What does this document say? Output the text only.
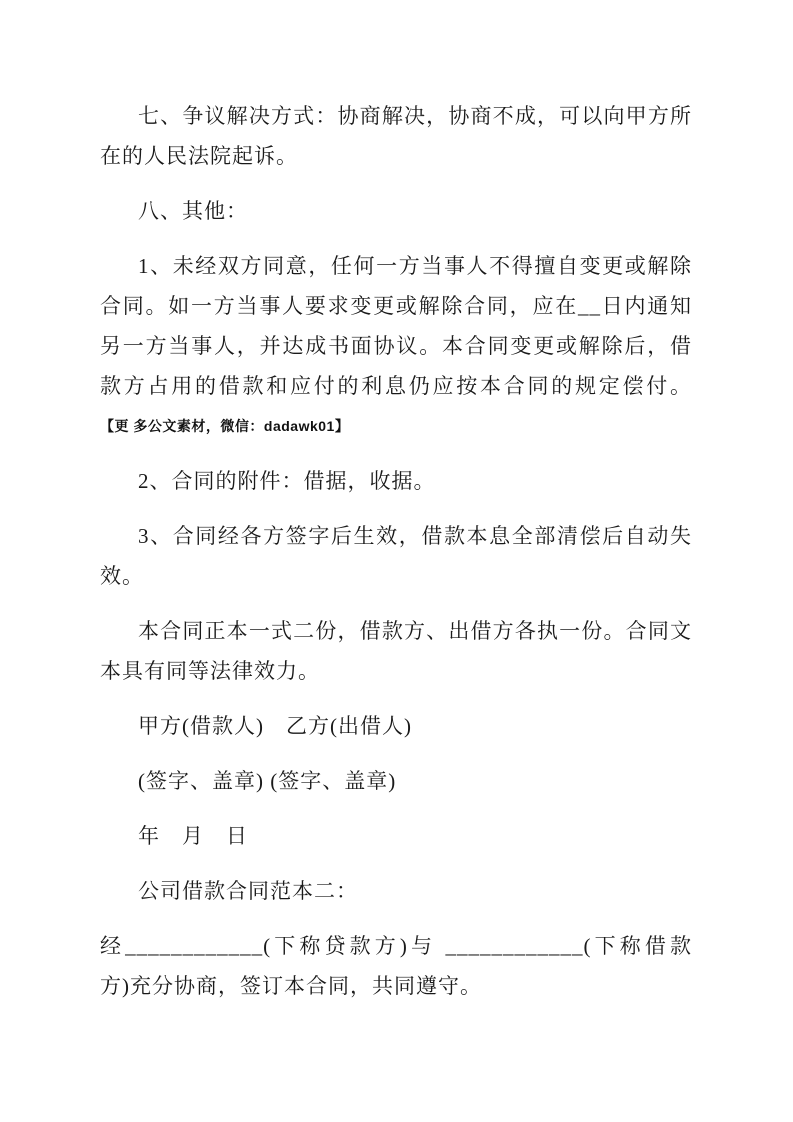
七、争议解决方式：协商解决，协商不成，可以向甲方所
在的人民法院起诉。
八、其他：
1、未经双方同意，任何一方当事人不得擅自变更或解除
合同。如一方当事人要求变更或解除合同，应在__日内通知
另一方当事人，并达成书面协议。本合同变更或解除后，借
款方占用的借款和应付的利息仍应按本合同的规定偿付。
【更 多公文素材，微信：dadawk01】
2、合同的附件：借据，收据。
3、合同经各方签字后生效，借款本息全部清偿后自动失
效。
本合同正本一式二份，借款方、出借方各执一份。合同文
本具有同等法律效力。
甲方(借款人)　乙方(出借人)
(签字、盖章) (签字、盖章)
年　月　日
公司借款合同范本二：
经____________(下称贷款方)与 ____________(下称借款
方)充分协商，签订本合同，共同遵守。
